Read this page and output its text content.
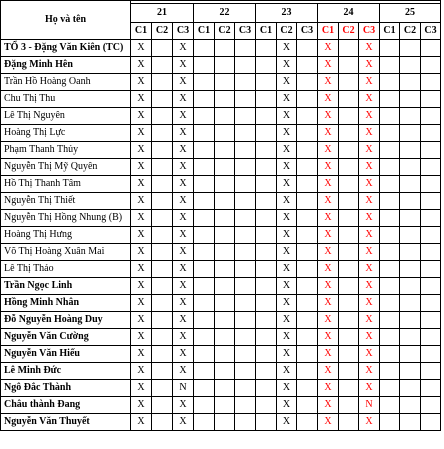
Họ và tên															
	21			22			23			24			25		
	C1	C2	C3	C1	C2	C3	C1	C2	C3	C1	C2	C3	C1	C2	C3
TỔ 3 - Đặng Văn Kiên (TC)	X		X					X		X		X			
Đặng Minh Hên	X		X					X		X		X			
Trần Hồ Hoàng Oanh	X		X					X		X		X			
Chu Thị Thu	X		X					X		X		X			
Lê Thị Nguyên	X		X					X		X		X			
Hoàng Thị Lực	X		X					X		X		X			
Phạm Thanh Thủy	X		X					X		X		X			
Nguyễn Thị Mỹ Quyên	X		X					X		X		X			
Hồ Thị Thanh Tâm	X		X					X		X		X			
Nguyễn Thị Thiết	X		X					X		X		X			
Nguyễn Thị Hồng Nhung (B)	X		X					X		X		X			
Hoàng Thị Hưng	X		X					X		X		X			
Võ Thị Hoàng Xuân Mai	X		X					X		X		X			
Lê Thị Thảo	X		X					X		X		X			
Trần Ngọc Linh	X		X					X		X		X			
Hồng Minh Nhân	X		X					X		X		X			
Đỗ Nguyễn Hoàng Duy	X		X					X		X		X			
Nguyễn Văn Cường	X		X					X		X		X			
Nguyễn Văn Hiếu	X		X					X		X		X			
Lê Minh Đức	X		X					X		X		X			
Ngô Đắc Thành	X		N					X		X		X			
Châu thành Đang	X		X					X		X		N			
Nguyễn Văn Thuyết	X		X					X		X		X			
